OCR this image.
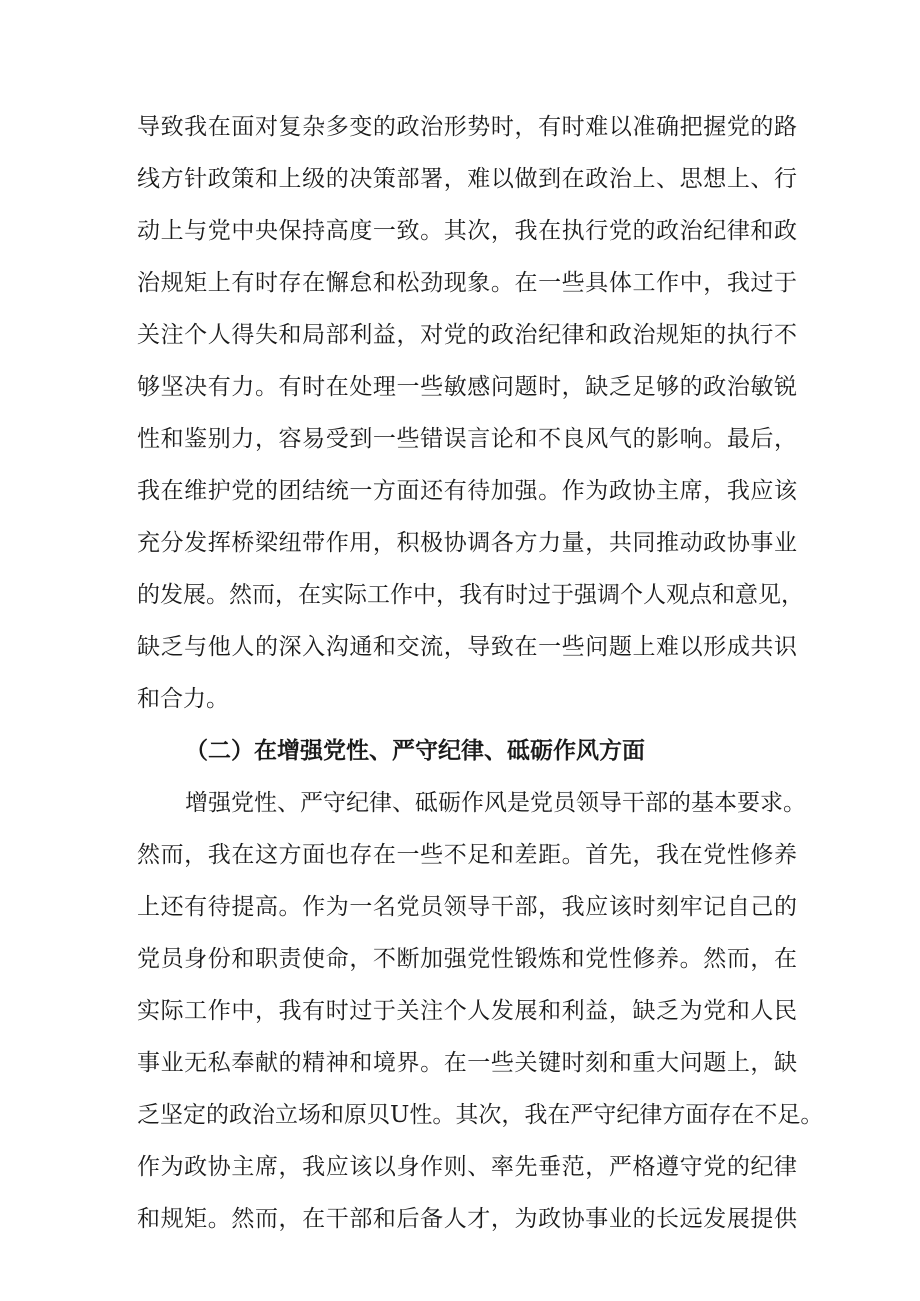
导致我在面对复杂多变的政治形势时，有时难以准确把握党的路
线方针政策和上级的决策部署，难以做到在政治上、思想上、行
动上与党中央保持高度一致。其次，我在执行党的政治纪律和政
治规矩上有时存在懈怠和松劲现象。在一些具体工作中，我过于
关注个人得失和局部利益，对党的政治纪律和政治规矩的执行不
够坚决有力。有时在处理一些敏感问题时，缺乏足够的政治敏锐
性和鉴别力，容易受到一些错误言论和不良风气的影响。最后，
我在维护党的团结统一方面还有待加强。作为政协主席，我应该
充分发挥桥梁纽带作用，积极协调各方力量，共同推动政协事业
的发展。然而，在实际工作中，我有时过于强调个人观点和意见，
缺乏与他人的深入沟通和交流，导致在一些问题上难以形成共识
和合力。
（二）在增强党性、严守纪律、砥砺作风方面
增强党性、严守纪律、砥砺作风是党员领导干部的基本要求。
然而，我在这方面也存在一些不足和差距。首先，我在党性修养
上还有待提高。作为一名党员领导干部，我应该时刻牢记自己的
党员身份和职责使命，不断加强党性锻炼和党性修养。然而，在
实际工作中，我有时过于关注个人发展和利益，缺乏为党和人民
事业无私奉献的精神和境界。在一些关键时刻和重大问题上，缺
乏坚定的政治立场和原贝U性。其次，我在严守纪律方面存在不足。
作为政协主席，我应该以身作则、率先垂范，严格遵守党的纪律
和规矩。然而，在干部和后备人才，为政协事业的长远发展提供
